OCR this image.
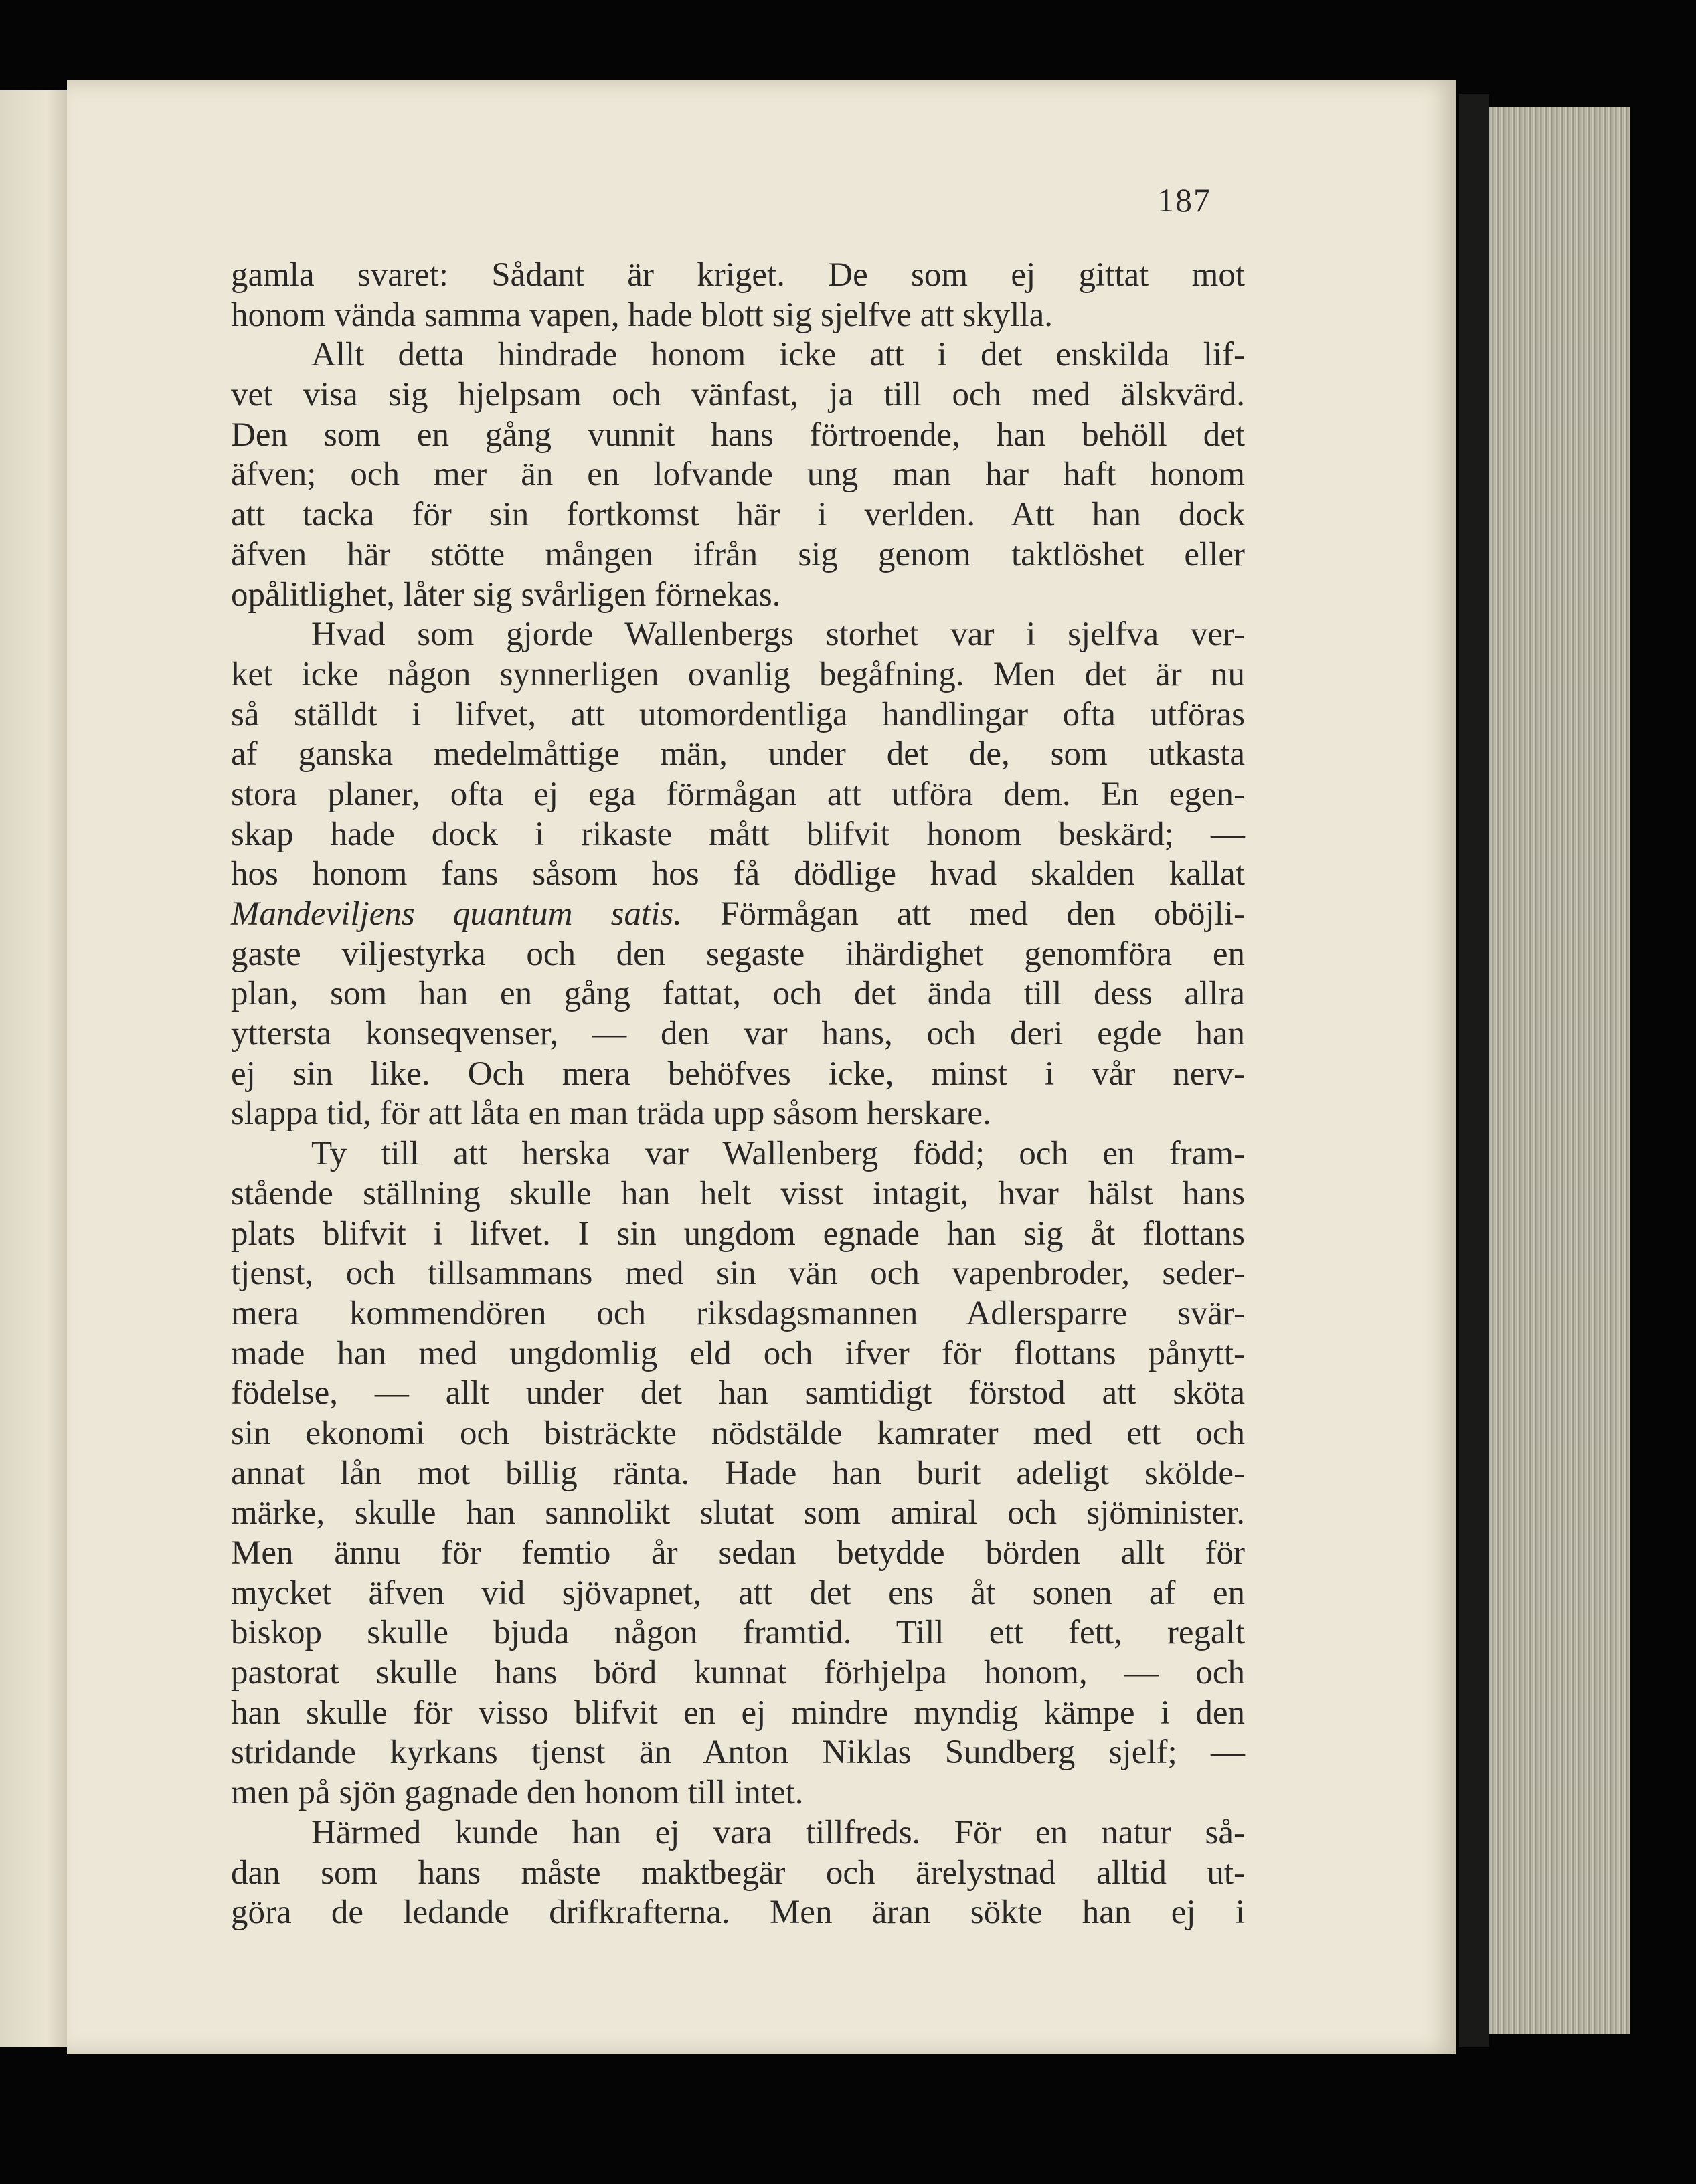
187
gamla svaret: Sådant är kriget. De som ej gittat mot
honom vända samma vapen, hade blott sig sjelfve att skylla.
Allt detta hindrade honom icke att i det enskilda lif-
vet visa sig hjelpsam och vänfast, ja till och med älskvärd.
Den som en gång vunnit hans förtroende, han behöll det
äfven; och mer än en lofvande ung man har haft honom
att tacka för sin fortkomst här i verlden. Att han dock
äfven här stötte mången ifrån sig genom taktlöshet eller
opålitlighet, låter sig svårligen förnekas.
Hvad som gjorde Wallenbergs storhet var i sjelfva ver-
ket icke någon synnerligen ovanlig begåfning. Men det är nu
så ställdt i lifvet, att utomordentliga handlingar ofta utföras
af ganska medelmåttige män, under det de, som utkasta
stora planer, ofta ej ega förmågan att utföra dem. En egen-
skap hade dock i rikaste mått blifvit honom beskärd; —
hos honom fans såsom hos få dödlige hvad skalden kallat
Mandeviljens quantum satis. Förmågan att med den oböjli-
gaste viljestyrka och den segaste ihärdighet genomföra en
plan, som han en gång fattat, och det ända till dess allra
yttersta konseqvenser, — den var hans, och deri egde han
ej sin like. Och mera behöfves icke, minst i vår nerv-
slappa tid, för att låta en man träda upp såsom herskare.
Ty till att herska var Wallenberg född; och en fram-
stående ställning skulle han helt visst intagit, hvar hälst hans
plats blifvit i lifvet. I sin ungdom egnade han sig åt flottans
tjenst, och tillsammans med sin vän och vapenbroder, seder-
mera kommendören och riksdagsmannen Adlersparre svär-
made han med ungdomlig eld och ifver för flottans pånytt-
födelse, — allt under det han samtidigt förstod att sköta
sin ekonomi och bisträckte nödstälde kamrater med ett och
annat lån mot billig ränta. Hade han burit adeligt skölde-
märke, skulle han sannolikt slutat som amiral och sjöminister.
Men ännu för femtio år sedan betydde börden allt för
mycket äfven vid sjövapnet, att det ens åt sonen af en
biskop skulle bjuda någon framtid. Till ett fett, regalt
pastorat skulle hans börd kunnat förhjelpa honom, — och
han skulle för visso blifvit en ej mindre myndig kämpe i den
stridande kyrkans tjenst än Anton Niklas Sundberg sjelf; —
men på sjön gagnade den honom till intet.
Härmed kunde han ej vara tillfreds. För en natur så-
dan som hans måste maktbegär och ärelystnad alltid ut-
göra de ledande drifkrafterna. Men äran sökte han ej i
